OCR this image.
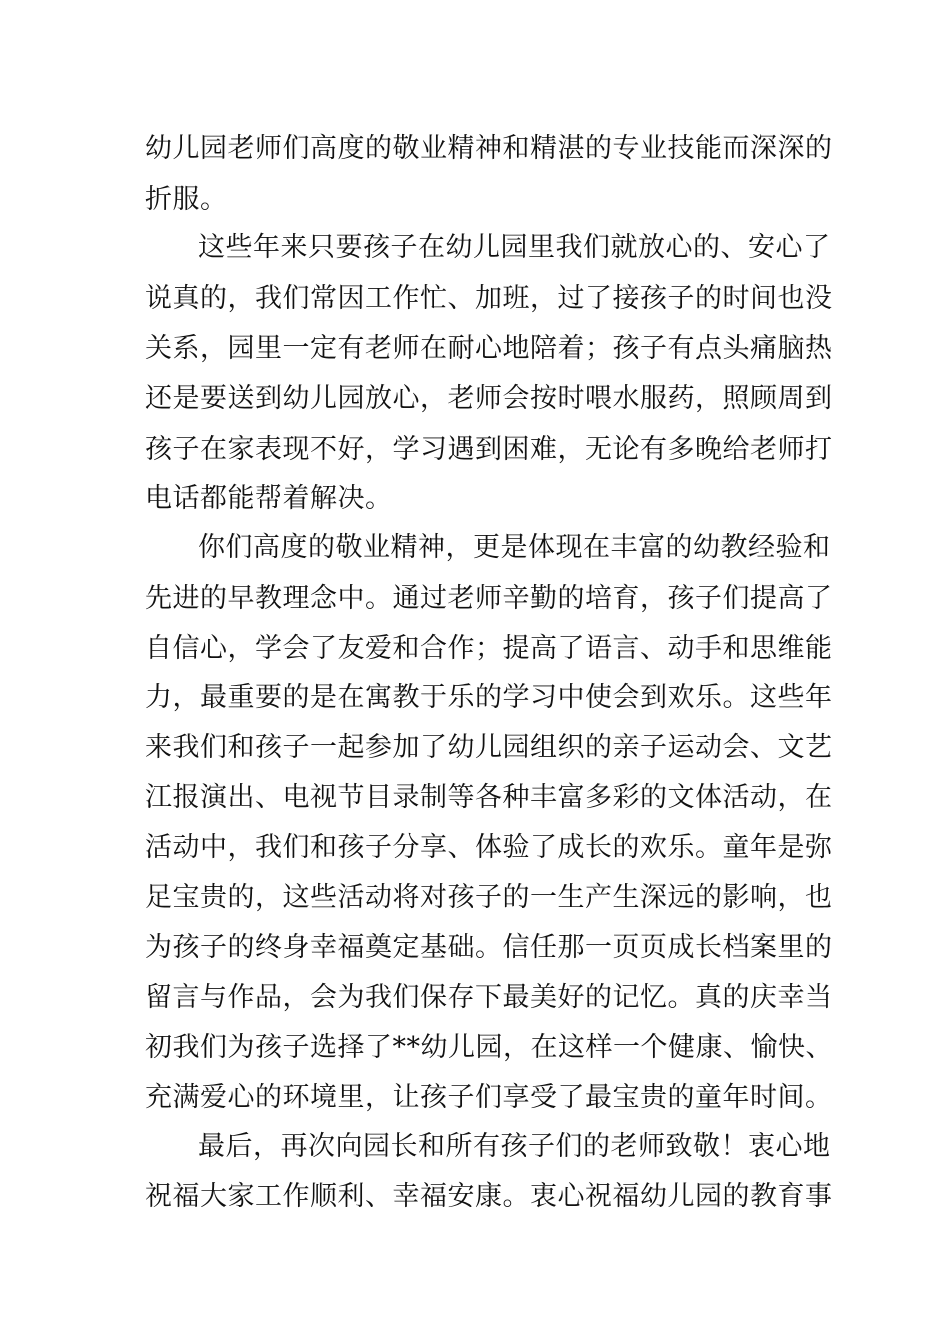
幼儿园老师们高度的敬业精神和精湛的专业技能而深深的
折服。
这些年来只要孩子在幼儿园里我们就放心的、安心了
说真的，我们常因工作忙、加班，过了接孩子的时间也没
关系，园里一定有老师在耐心地陪着；孩子有点头痛脑热
还是要送到幼儿园放心，老师会按时喂水服药，照顾周到
孩子在家表现不好，学习遇到困难，无论有多晚给老师打
电话都能帮着解决。
你们高度的敬业精神，更是体现在丰富的幼教经验和
先进的早教理念中。通过老师辛勤的培育，孩子们提高了
自信心，学会了友爱和合作；提高了语言、动手和思维能
力，最重要的是在寓教于乐的学习中使会到欢乐。这些年
来我们和孩子一起参加了幼儿园组织的亲子运动会、文艺
江报演出、电视节目录制等各种丰富多彩的文体活动，在
活动中，我们和孩子分享、体验了成长的欢乐。童年是弥
足宝贵的，这些活动将对孩子的一生产生深远的影响，也
为孩子的终身幸福奠定基础。信任那一页页成长档案里的
留言与作品，会为我们保存下最美好的记忆。真的庆幸当
初我们为孩子选择了**幼儿园，在这样一个健康、愉快、
充满爱心的环境里，让孩子们享受了最宝贵的童年时间。
最后，再次向园长和所有孩子们的老师致敬！衷心地
祝福大家工作顺利、幸福安康。衷心祝福幼儿园的教育事
